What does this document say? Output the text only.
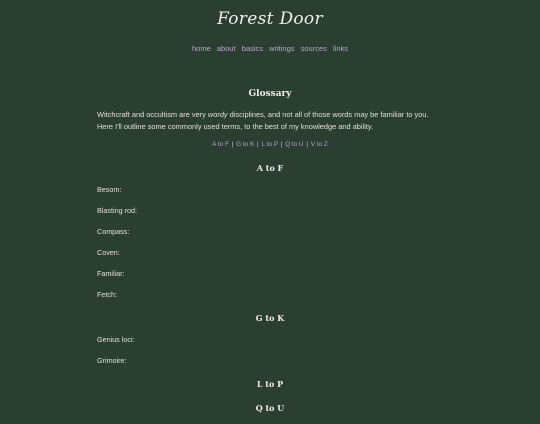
Forest Door
home about basics writings sources links
Glossary

Witchcraft and occultism are very wordy disciplines, and not all of those words may be familiar to you. Here I'll outline some commonly used terms, to the best of my knowledge and ability.

A to F | G to K | L to P | Q to U | V to Z
A to F
Besom:
Blasting rod:
Compass:
Coven:
Familiar:
Fetch:
G to K
Genius loci:
Grimoire:
L to P
Q to U
